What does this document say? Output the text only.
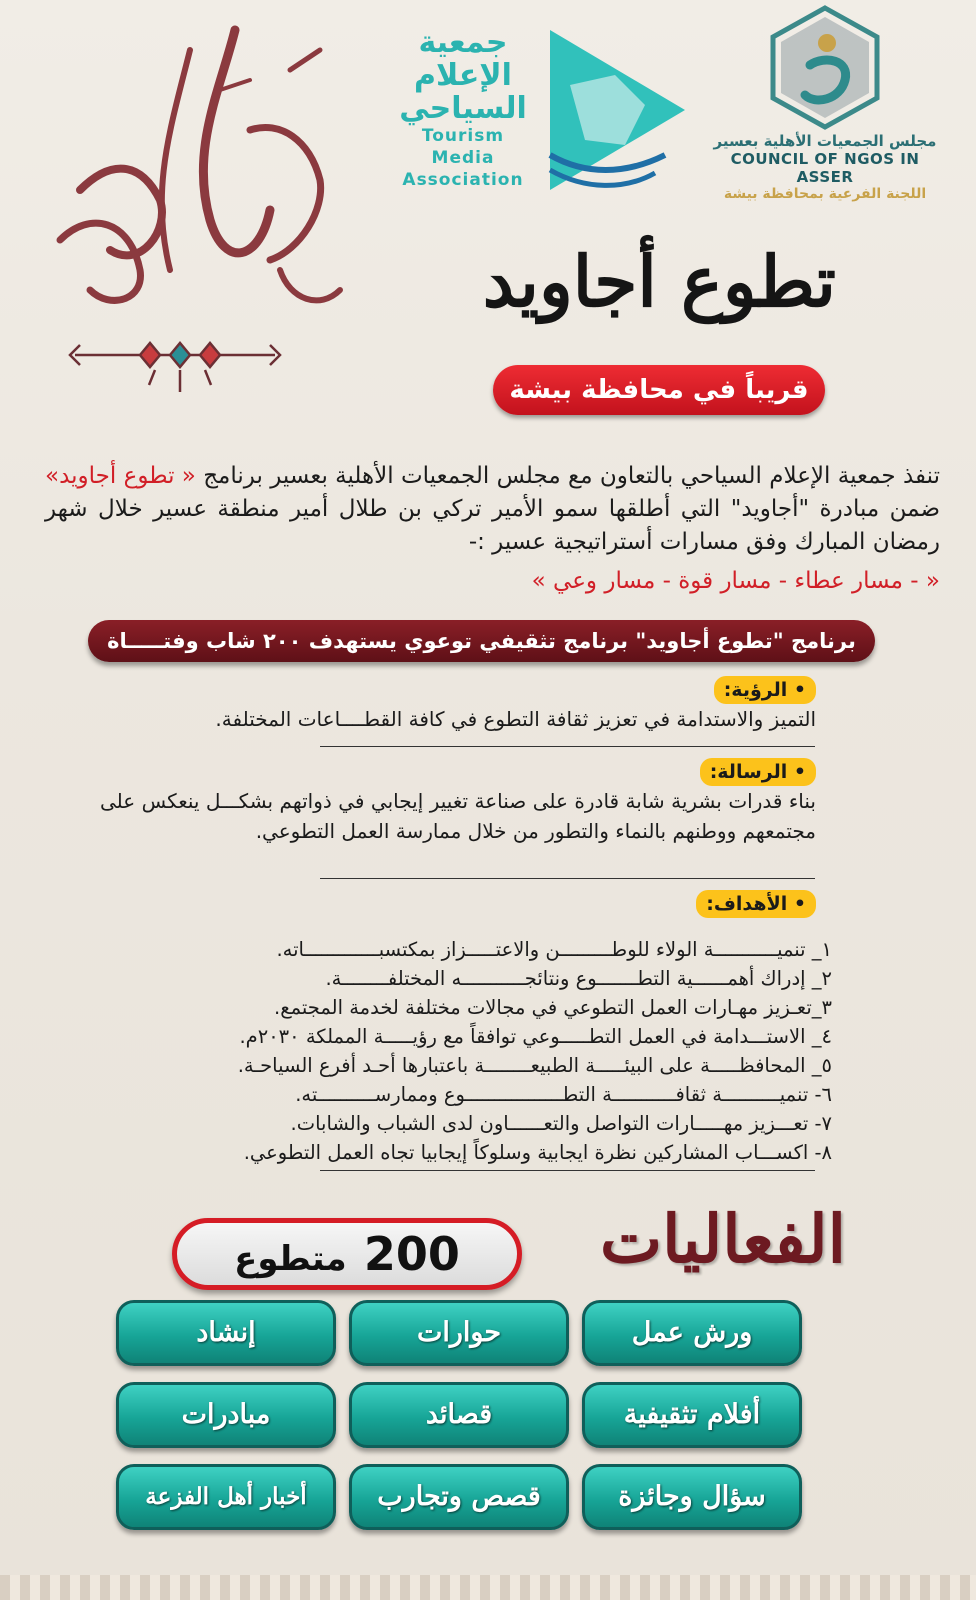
جمعية
الإعلام
السياحي
Tourism Media
Association
مجلس الجمعيات الأهلية بعسير
COUNCIL OF NGOS IN ASSER
اللجنة الفرعية بمحافظة بيشة
تطوع أجاويد
قريباً في محافظة بيشة
تنفذ جمعية الإعلام السياحي بالتعاون مع مجلس الجمعيات الأهلية بعسير برنامج « تطوع أجاويد» ضمن مبادرة "أجاويد" التي أطلقها سمو الأمير تركي بن طلال أمير منطقة عسير خلال شهر رمضان المبارك وفق مسارات أستراتيجية عسير :-
« - مسار عطاء - مسار قوة - مسار وعي »
برنامج "تطوع أجاويد" برنامج تثقيفي توعوي يستهدف ٢٠٠ شاب وفتـــــاة
• الرؤية:
التميز والاستدامة في تعزيز ثقافة التطوع في كافة القطــــاعات المختلفة.
• الرسالة:
بناء قدرات بشرية شابة قادرة على صناعة تغيير إيجابي في ذواتهم بشكـــل ينعكس على مجتمعهم ووطنهم بالنماء والتطور من خلال ممارسة العمل التطوعي.
• الأهداف:
١_ تنميـــــــــــة الولاء للوطـــــــــن والاعتـــــزاز بمكتسبـــــــــــــاته.
٢_ إدراك أهمــــــية التطـــــــوع ونتائجـــــــــــه المختلفــــــــة.
٣_تعـزيز مهـارات العمل التطوعي في مجالات مختلفة لخدمة المجتمع.
٤_ الاستـــدامة في العمل التطـــــوعي توافقاً مع رؤيـــــة المملكة ٢٠٣٠م.
٥_ المحافظـــــة على البيئـــــة الطبيعــــــــة باعتبارها أحـد أفرع السياحـة.
٦- تنميــــــــــة ثقافـــــــــــة التطـــــــــــــــــوع وممارســــــــــته.
٧- تعـــزيز مهـــــارات التواصل والتعــــــاون لدى الشباب والشابات.
٨- اكســـاب المشاركين نظرة ايجابية وسلوكاً إيجابيا تجاه العمل التطوعي.
الفعاليات
200 متطوع
ورش عمل
حوارات
إنشاد
أفلام تثقيفية
قصائد
مبادرات
سؤال وجائزة
قصص وتجارب
أخبار أهل الفزعة
